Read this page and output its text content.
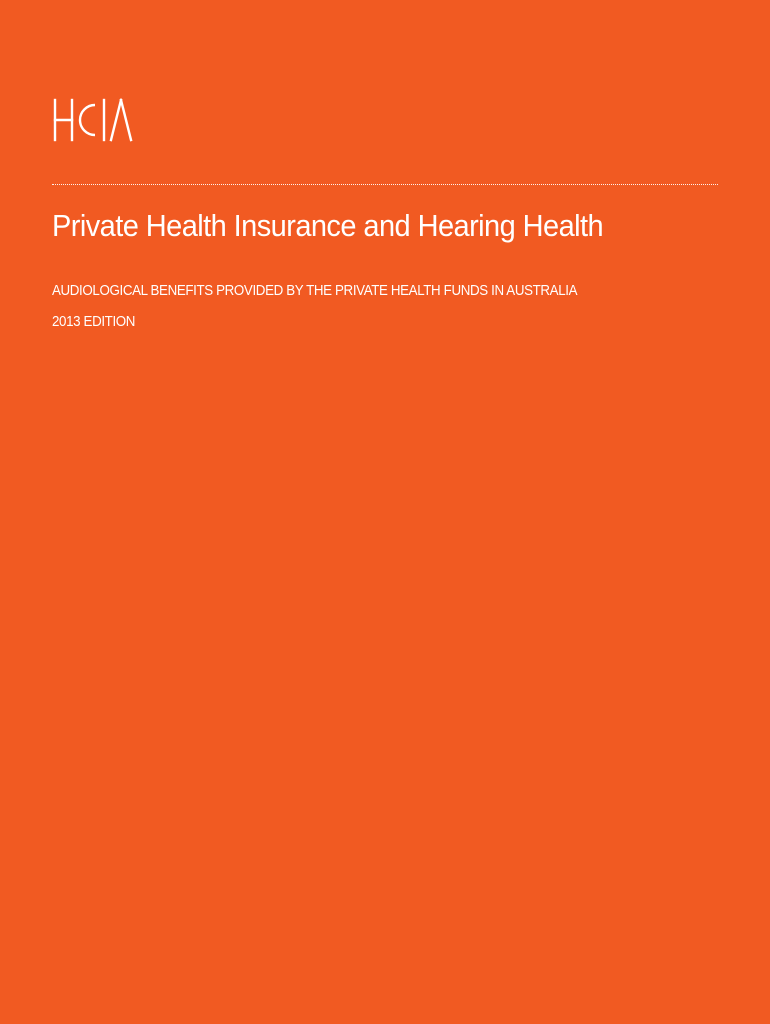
Private Health Insurance and Hearing Health

AUDIOLOGICAL BENEFITS PROVIDED BY THE PRIVATE HEALTH FUNDS IN AUSTRALIA

2013 EDITION
